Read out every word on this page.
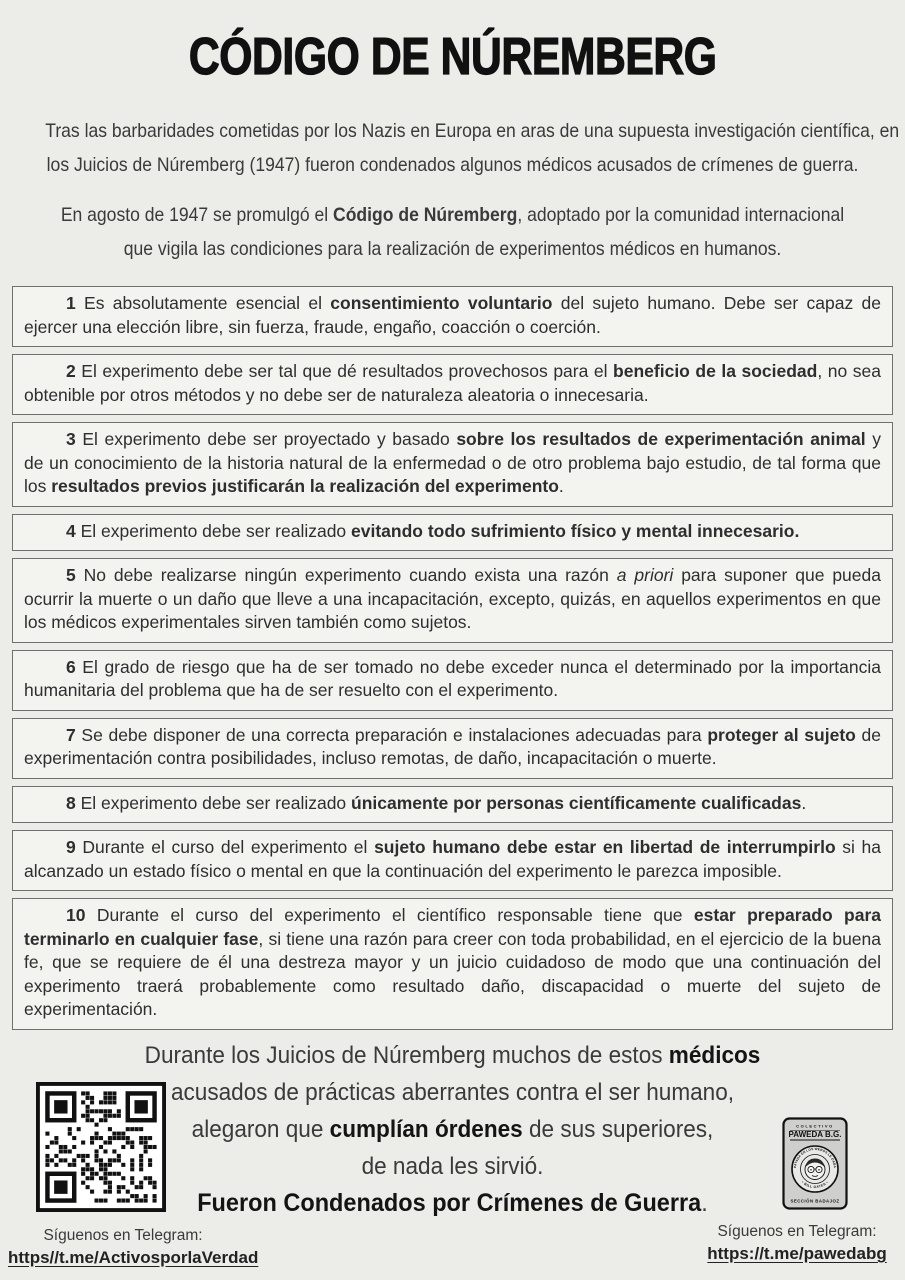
CÓDIGO DE NÚREMBERG

Tras las barbaridades cometidas por los Nazis en Europa en aras de una supuesta investigación científica, en
los Juicios de Núremberg (1947) fueron condenados algunos médicos acusados de crímenes de guerra.

En agosto de 1947 se promulgó el Código de Núremberg, adoptado por la comunidad internacional
que vigila las condiciones para la realización de experimentos médicos en humanos.

1 Es absolutamente esencial el consentimiento voluntario del sujeto humano. Debe ser capaz de ejercer una elección libre, sin fuerza, fraude, engaño, coacción o coerción.

2 El experimento debe ser tal que dé resultados provechosos para el beneficio de la sociedad, no sea obtenible por otros métodos y no debe ser de naturaleza aleatoria o innecesaria.

3 El experimento debe ser proyectado y basado sobre los resultados de experimentación animal y de un conocimiento de la historia natural de la enfermedad o de otro problema bajo estudio, de tal forma que los resultados previos justificarán la realización del experimento.

4 El experimento debe ser realizado evitando todo sufrimiento físico y mental innecesario.

5 No debe realizarse ningún experimento cuando exista una razón a priori para suponer que pueda ocurrir la muerte o un daño que lleve a una incapacitación, excepto, quizás, en aquellos experimentos en que los médicos experimentales sirven también como sujetos.

6 El grado de riesgo que ha de ser tomado no debe exceder nunca el determinado por la importancia humanitaria del problema que ha de ser resuelto con el experimento.

7 Se debe disponer de una correcta preparación e instalaciones adecuadas para proteger al sujeto de experimentación contra posibilidades, incluso remotas, de daño, incapacitación o muerte.

8 El experimento debe ser realizado únicamente por personas científicamente cualificadas.

9 Durante el curso del experimento el sujeto humano debe estar en libertad de interrumpirlo si ha alcanzado un estado físico o mental en que la continuación del experimento le parezca imposible.

10 Durante el curso del experimento el científico responsable tiene que estar preparado para terminarlo en cualquier fase, si tiene una razón para creer con toda probabilidad, en el ejercicio de la buena fe, que se requiere de él una destreza mayor y un juicio cuidadoso de modo que una continuación del experimento traerá probablemente como resultado daño, discapacidad o muerte del sujeto de experimentación.

Durante los Juicios de Núremberg muchos de estos médicos
acusados de prácticas aberrantes contra el ser humano,
alegaron que cumplían órdenes de sus superiores,
de nada les sirvió.
Fueron Condenados por Crímenes de Guerra.
Síguenos en Telegram:
https//t.me/ActivosporlaVerdad
COLECTIVO
PAWEDA B.G.
PATADA EN LOS WEBOS LE DABA
• BILL GATES •
SECCIÓN BADAJOZ
Síguenos en Telegram:
https://t.me/pawedabg
